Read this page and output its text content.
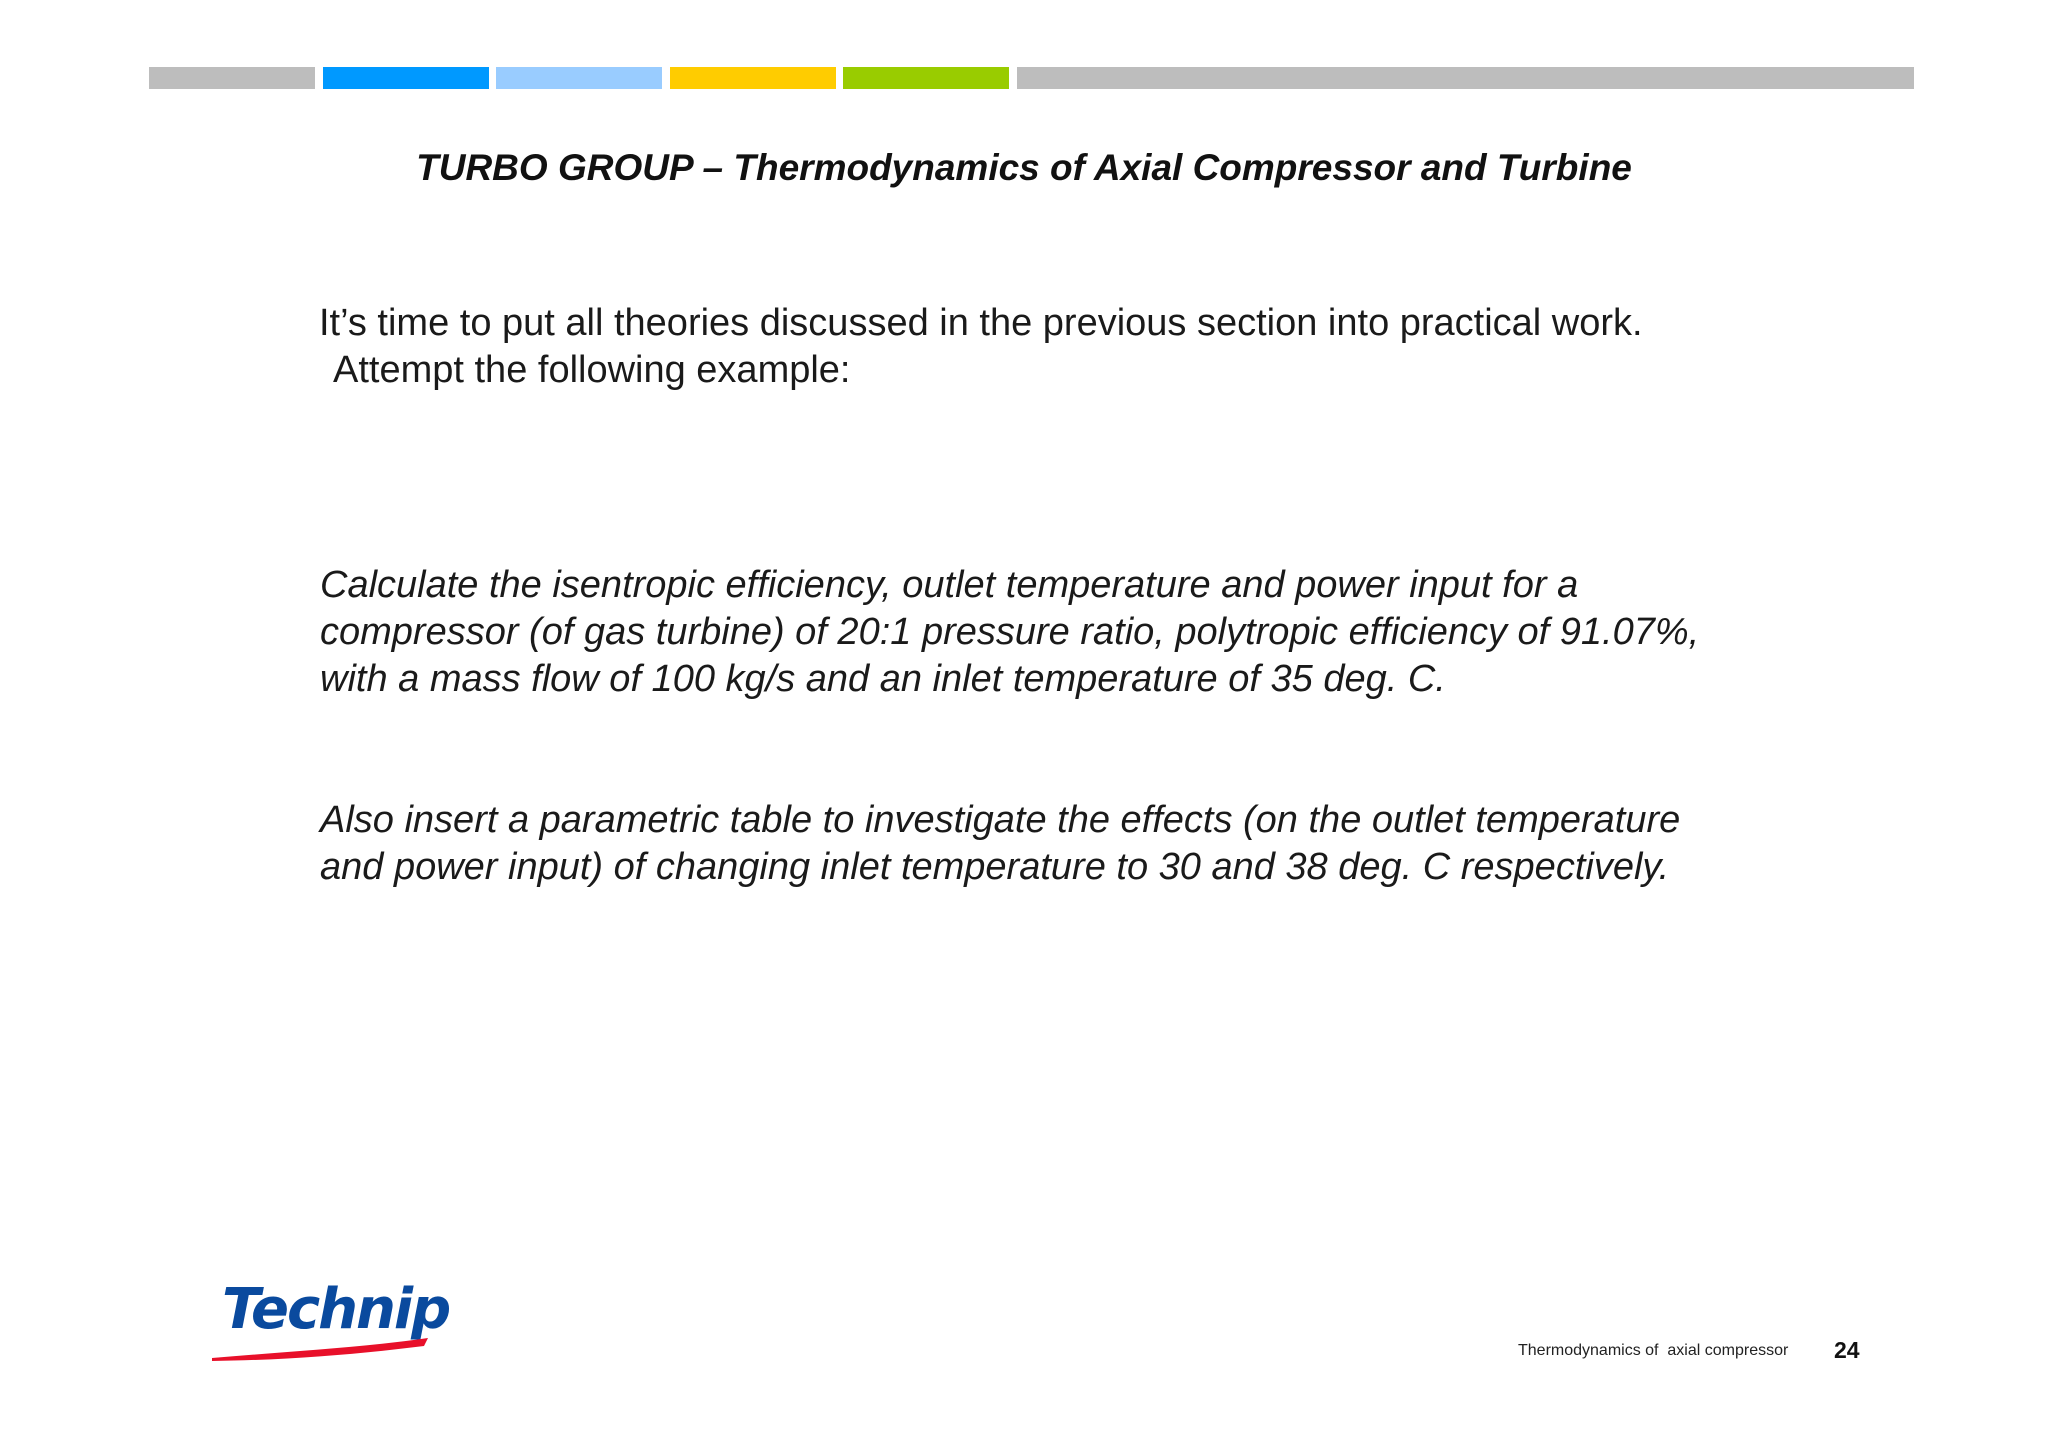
TURBO GROUP – Thermodynamics of Axial Compressor and Turbine
It’s time to put all theories discussed in the previous section into practical work.
Attempt the following example:

Calculate the isentropic efficiency, outlet temperature and power input for a compressor (of gas turbine) of 20:1 pressure ratio, polytropic efficiency of 91.07%, with a mass flow of 100 kg/s and an inlet temperature of 35 deg. C.

Also insert a parametric table to investigate the effects (on the outlet temperature and power input) of changing inlet temperature to 30 and 38 deg. C respectively.

Technip
Thermodynamics of  axial compressor 24
